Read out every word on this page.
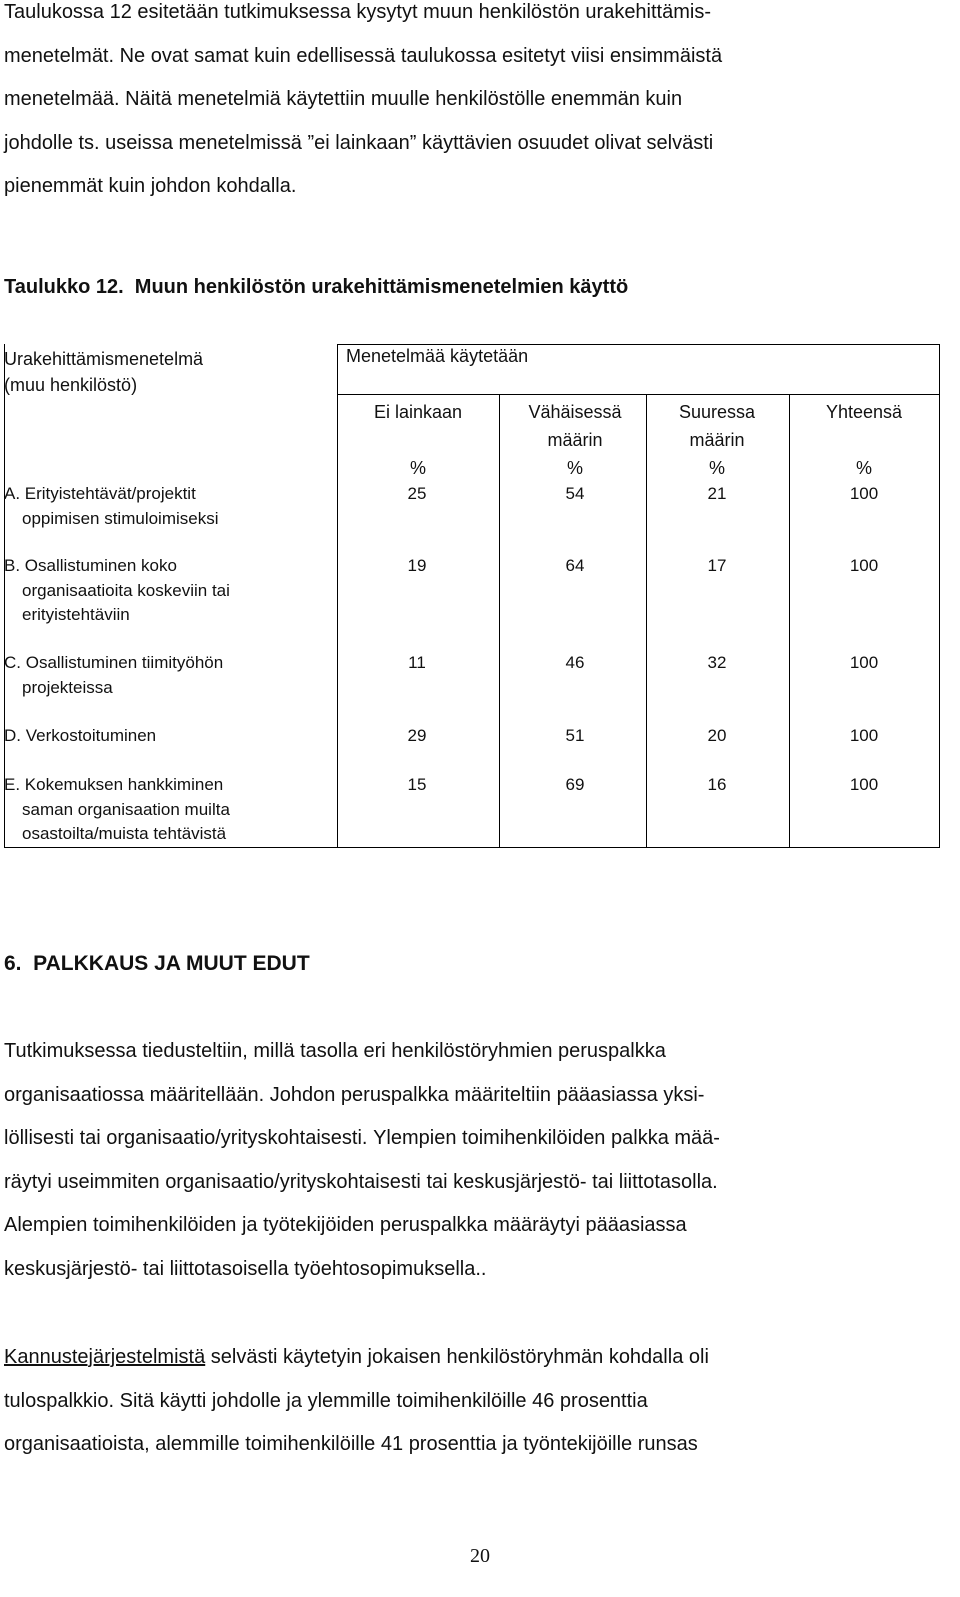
Taulukossa 12 esitetään tutkimuksessa kysytyt muun henkilöstön urakehittämis-
menetelmät. Ne ovat samat kuin edellisessä taulukossa esitetyt viisi ensimmäistä
menetelmää. Näitä menetelmiä käytettiin muulle henkilöstölle enemmän kuin
johdolle ts. useissa menetelmissä ”ei lainkaan” käyttävien osuudet olivat selvästi
pienemmät kuin johdon kohdalla.
Taulukko 12.  Muun henkilöstön urakehittämismenetelmien käyttö
Urakehittämismenetelmä
(muu henkilöstö)
Menetelmää käytetään
Ei lainkaan
%
Vähäisessä
määrin
%
Suuressa
määrin
%
Yhteensä
%
A. Erityistehtävät/projektit
oppimisen stimuloimiseksi
25	54	21	100
B. Osallistuminen koko
organisaatioita koskeviin tai
erityistehtäviin
19	64	17	100
C. Osallistuminen tiimityöhön
projekteissa
11	46	32	100
D. Verkostoituminen	29	51	20	100
E. Kokemuksen hankkiminen
saman organisaation muilta
osastoilta/muista tehtävistä
15	69	16	100
6.  PALKKAUS JA MUUT EDUT
Tutkimuksessa tiedusteltiin, millä tasolla eri henkilöstöryhmien peruspalkka
organisaatiossa määritellään. Johdon peruspalkka määriteltiin pääasiassa yksi-
löllisesti tai organisaatio/yrityskohtaisesti. Ylempien toimihenkilöiden palkka mää-
räytyi useimmiten organisaatio/yrityskohtaisesti tai keskusjärjestö- tai liittotasolla.
Alempien toimihenkilöiden ja työtekijöiden peruspalkka määräytyi pääasiassa
keskusjärjestö- tai liittotasoisella työehtosopimuksella..
Kannustejärjestelmistä selvästi käytetyin jokaisen henkilöstöryhmän kohdalla oli
tulospalkkio. Sitä käytti johdolle ja ylemmille toimihenkilöille 46 prosenttia
organisaatioista, alemmille toimihenkilöille 41 prosenttia ja työntekijöille runsas
20
